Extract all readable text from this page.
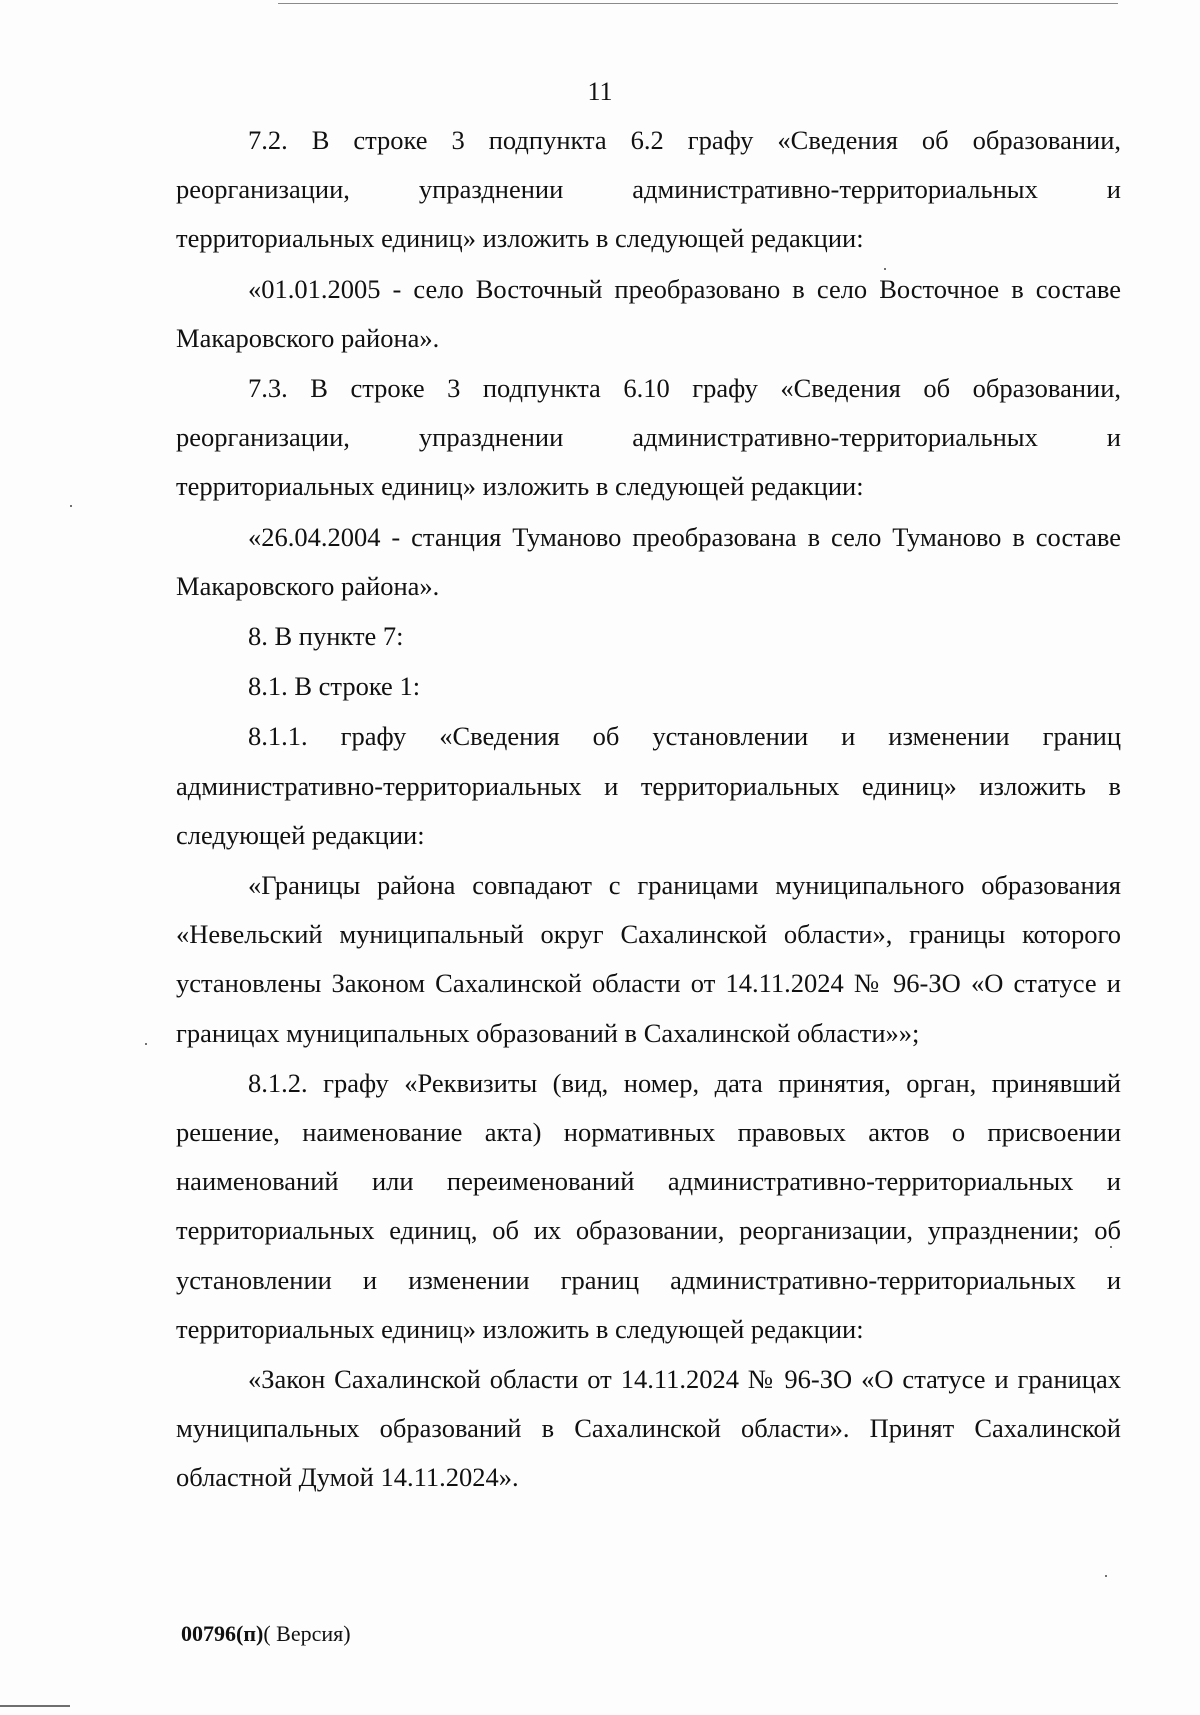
11

7.2. В строке 3 подпункта 6.2 графу «Сведения об образовании, реорганизации, упразднении административно-территориальных и территориальных единиц» изложить в следующей редакции:

«01.01.2005 - село Восточный преобразовано в село Восточное в составе Макаровского района».

7.3. В строке 3 подпункта 6.10 графу «Сведения об образовании, реорганизации, упразднении административно-территориальных и территориальных единиц» изложить в следующей редакции:

«26.04.2004 - станция Туманово преобразована в село Туманово в составе Макаровского района».

8. В пункте 7:

8.1. В строке 1:

8.1.1. графу «Сведения об установлении и изменении границ административно-территориальных и территориальных единиц» изложить в следующей редакции:

«Границы района совпадают с границами муниципального образования «Невельский муниципальный округ Сахалинской области», границы которого установлены Законом Сахалинской области от 14.11.2024 № 96-ЗО «О статусе и границах муниципальных образований в Сахалинской области»»;

8.1.2. графу «Реквизиты (вид, номер, дата принятия, орган, принявший решение, наименование акта) нормативных правовых актов о присвоении наименований или переименований административно-территориальных и территориальных единиц, об их образовании, реорганизации, упразднении; об установлении и изменении границ административно-территориальных и территориальных единиц» изложить в следующей редакции:

«Закон Сахалинской области от 14.11.2024 № 96-ЗО «О статусе и границах муниципальных образований в Сахалинской области». Принят Сахалинской областной Думой 14.11.2024».

00796(п)( Версия)
